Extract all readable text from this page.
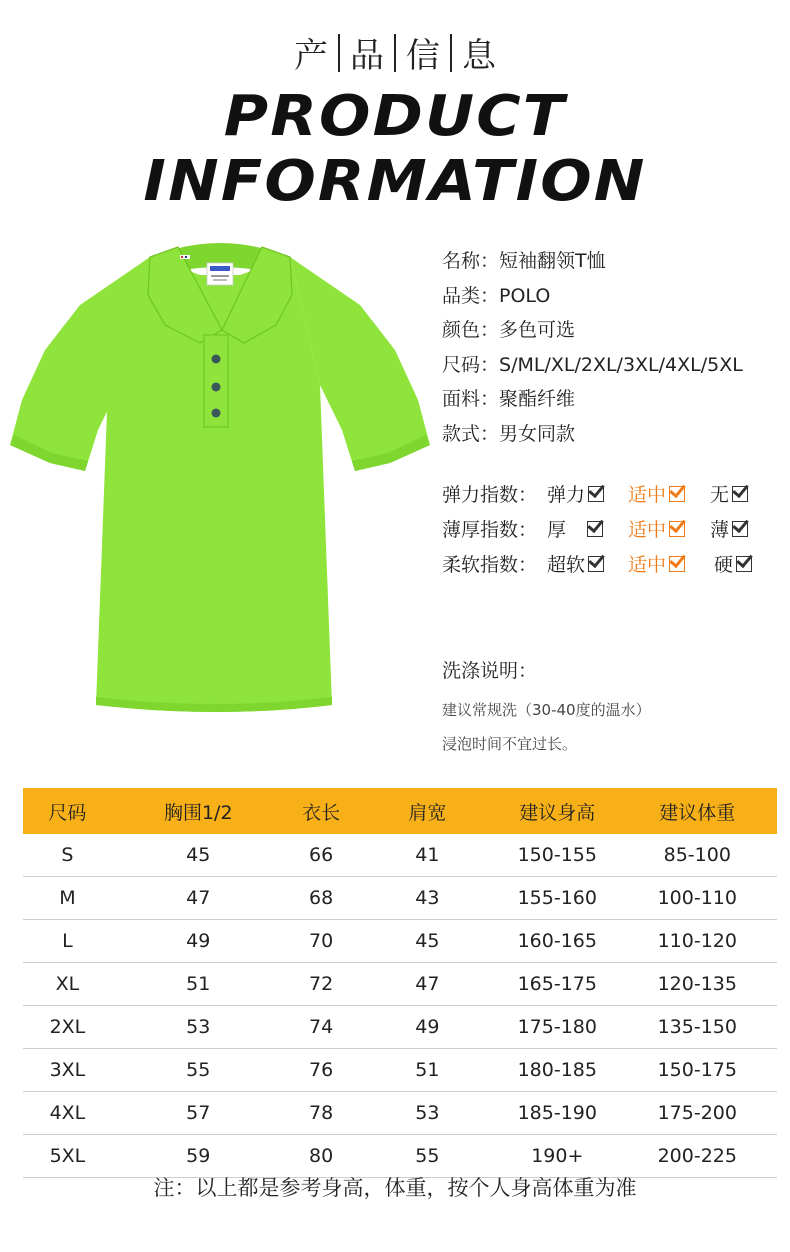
产 品 信 息
PRODUCT INFORMATION
名称：短袖翻领T恤
品类：POLO
颜色：多色可选
尺码：S/ML/XL/2XL/3XL/4XL/5XL
面料：聚酯纤维
款式：男女同款
弹力指数： 弹力	适中	无
薄厚指数： 厚	适中	薄
柔软指数： 超软	适中	硬
洗涤说明：
建议常规洗（30-40度的温水）
浸泡时间不宜过长。
尺码	胸围1/2	衣长	肩宽	建议身高	建议体重
S	45	66	41	150-155	85-100
M	47	68	43	155-160	100-110
L	49	70	45	160-165	110-120
XL	51	72	47	165-175	120-135
2XL	53	74	49	175-180	135-150
3XL	55	76	51	180-185	150-175
4XL	57	78	53	185-190	175-200
5XL	59	80	55	190+	200-225
注：以上都是参考身高，体重，按个人身高体重为准
